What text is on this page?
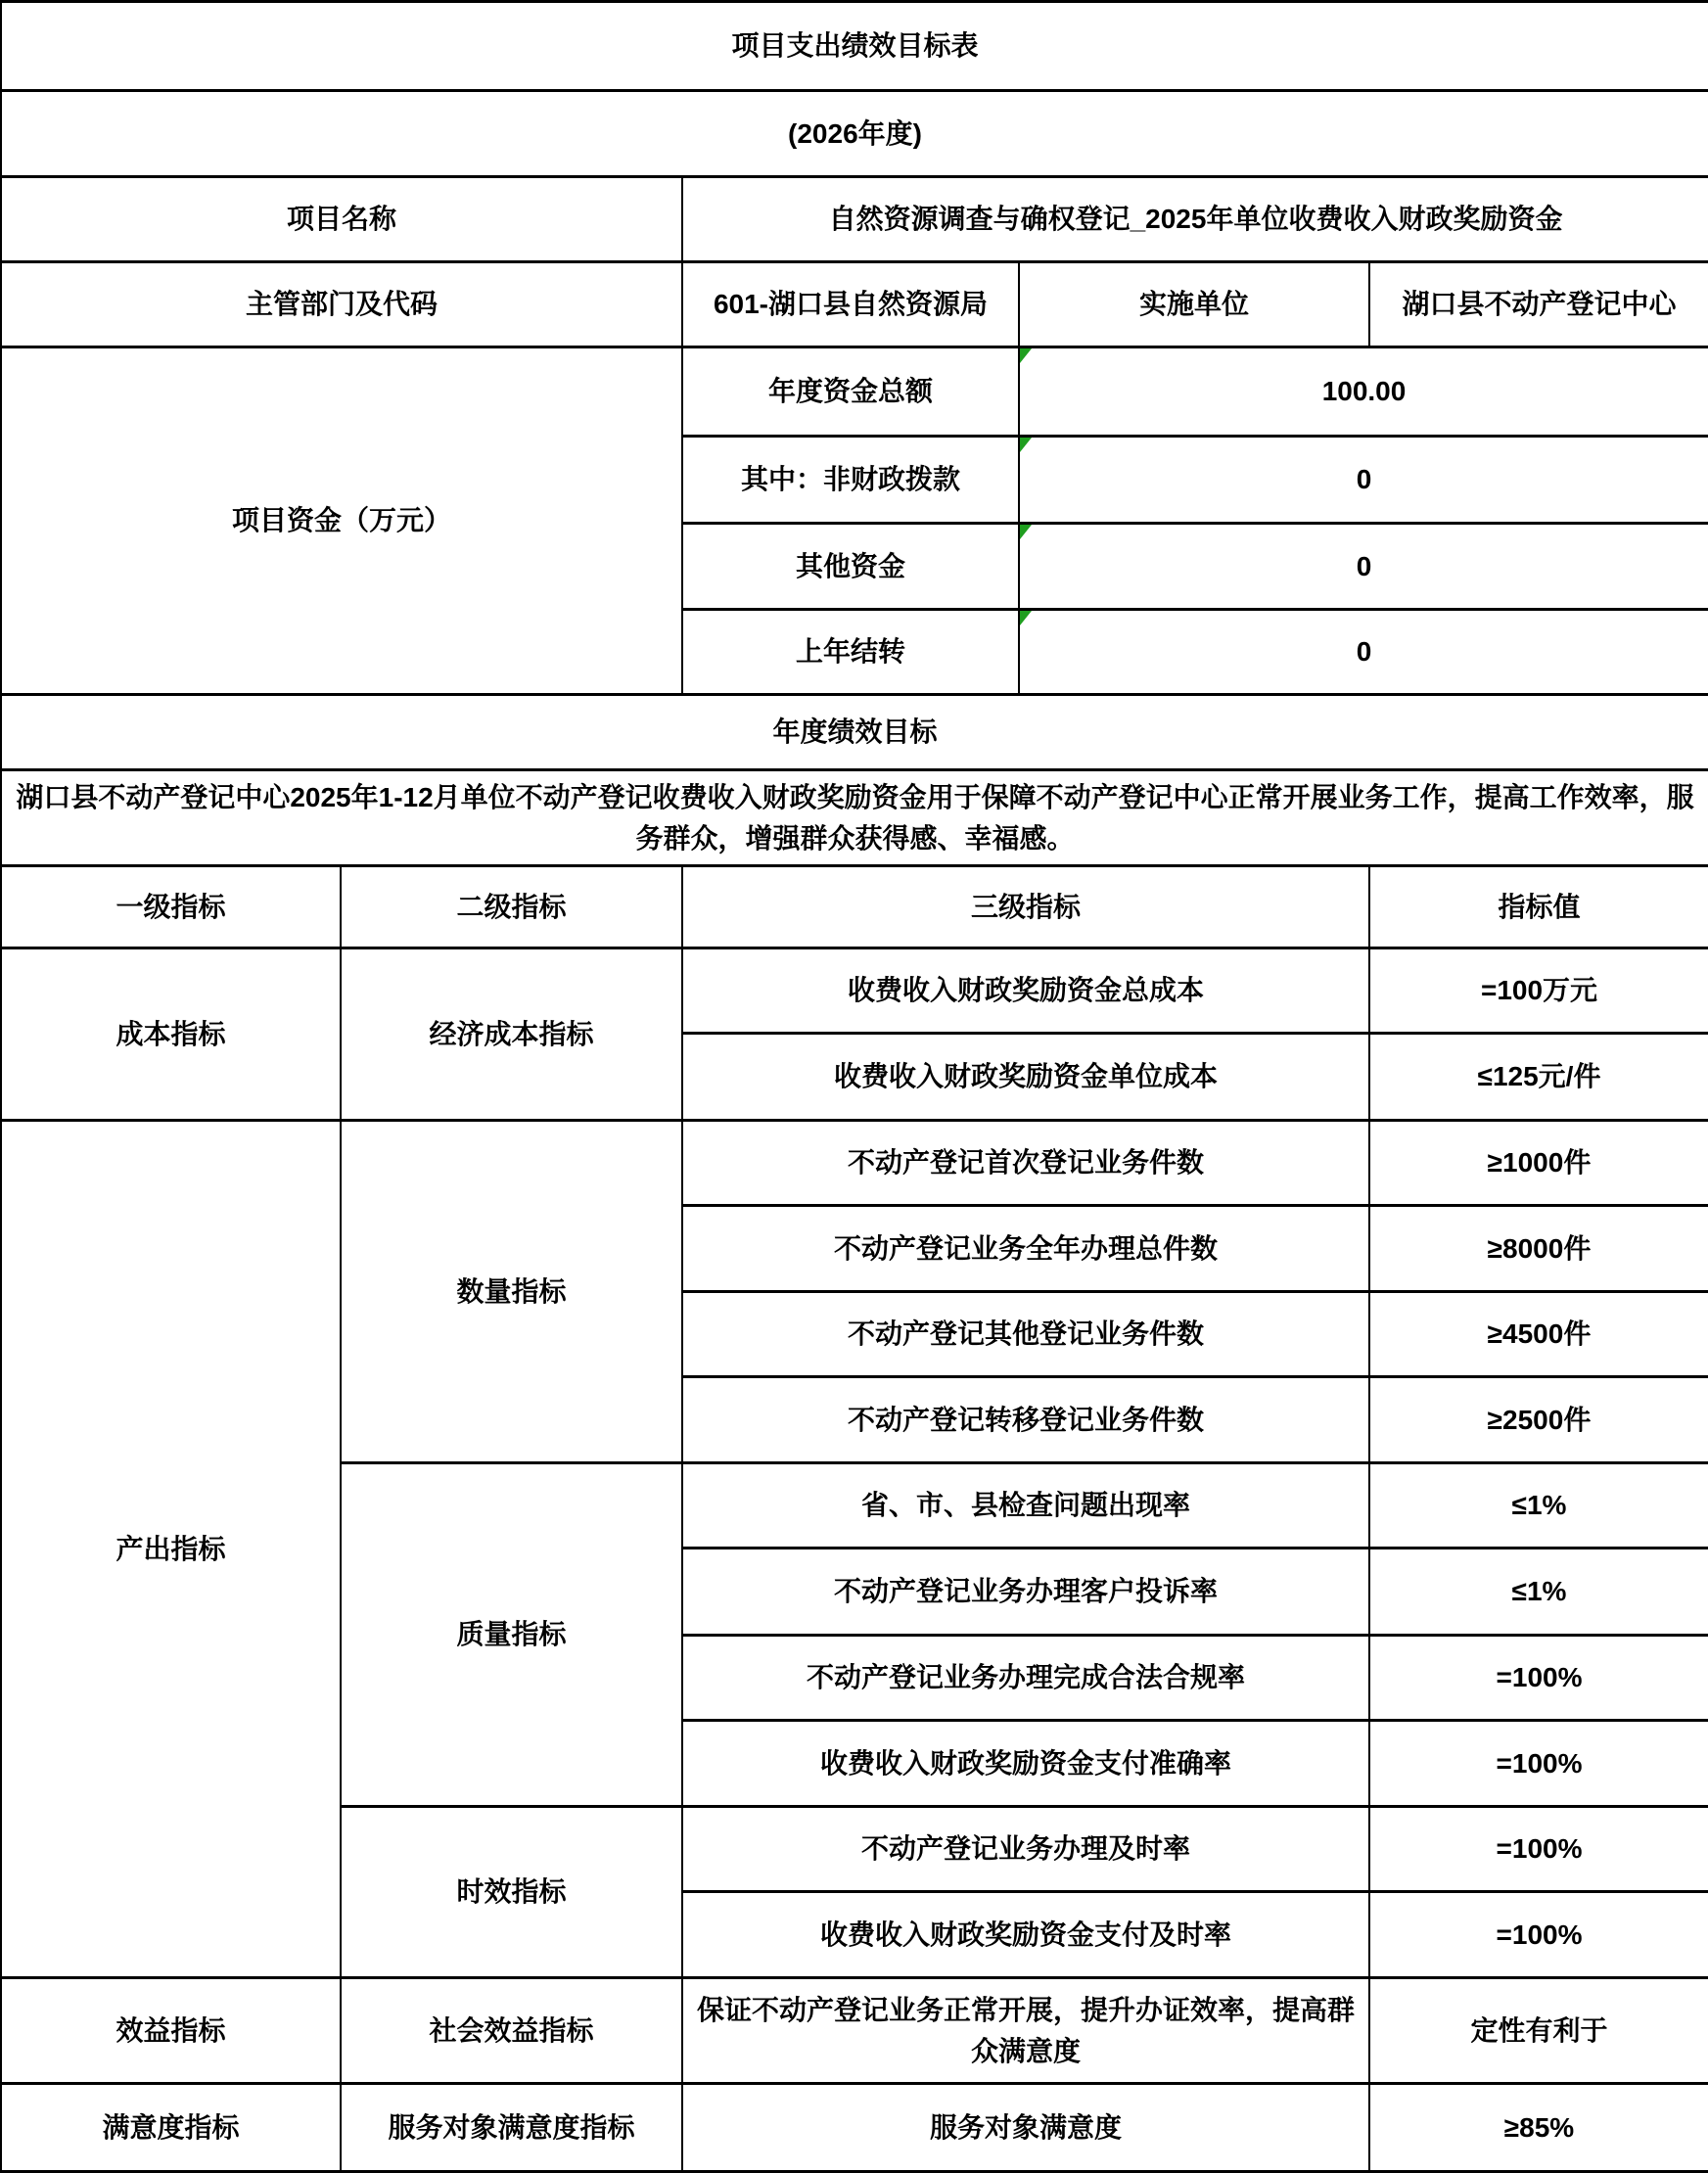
项目支出绩效目标表				
(2026年度)				
项目名称		自然资源调查与确权登记_2025年单位收费收入财政奖励资金		
主管部门及代码		601-湖口县自然资源局	实施单位	湖口县不动产登记中心
项目资金（万元）		年度资金总额	100.00	
		其中：非财政拨款	0	
		其他资金	0	
		上年结转	0	
年度绩效目标				
湖口县不动产登记中心2025年1-12月单位不动产登记收费收入财政奖励资金用于保障不动产登记中心正常开展业务工作，提高工作效率，服务群众，增强群众获得感、幸福感。				
一级指标	二级指标	三级指标		指标值
成本指标	经济成本指标	收费收入财政奖励资金总成本		=100万元
		收费收入财政奖励资金单位成本		≤125元/件
产出指标	数量指标	不动产登记首次登记业务件数		≥1000件
		不动产登记业务全年办理总件数		≥8000件
		不动产登记其他登记业务件数		≥4500件
		不动产登记转移登记业务件数		≥2500件
	质量指标	省、市、县检查问题出现率		≤1%
		不动产登记业务办理客户投诉率		≤1%
		不动产登记业务办理完成合法合规率		=100%
		收费收入财政奖励资金支付准确率		=100%
	时效指标	不动产登记业务办理及时率		=100%
		收费收入财政奖励资金支付及时率		=100%
效益指标	社会效益指标	保证不动产登记业务正常开展，提升办证效率，提高群众满意度		定性有利于
满意度指标	服务对象满意度指标	服务对象满意度		≥85%
